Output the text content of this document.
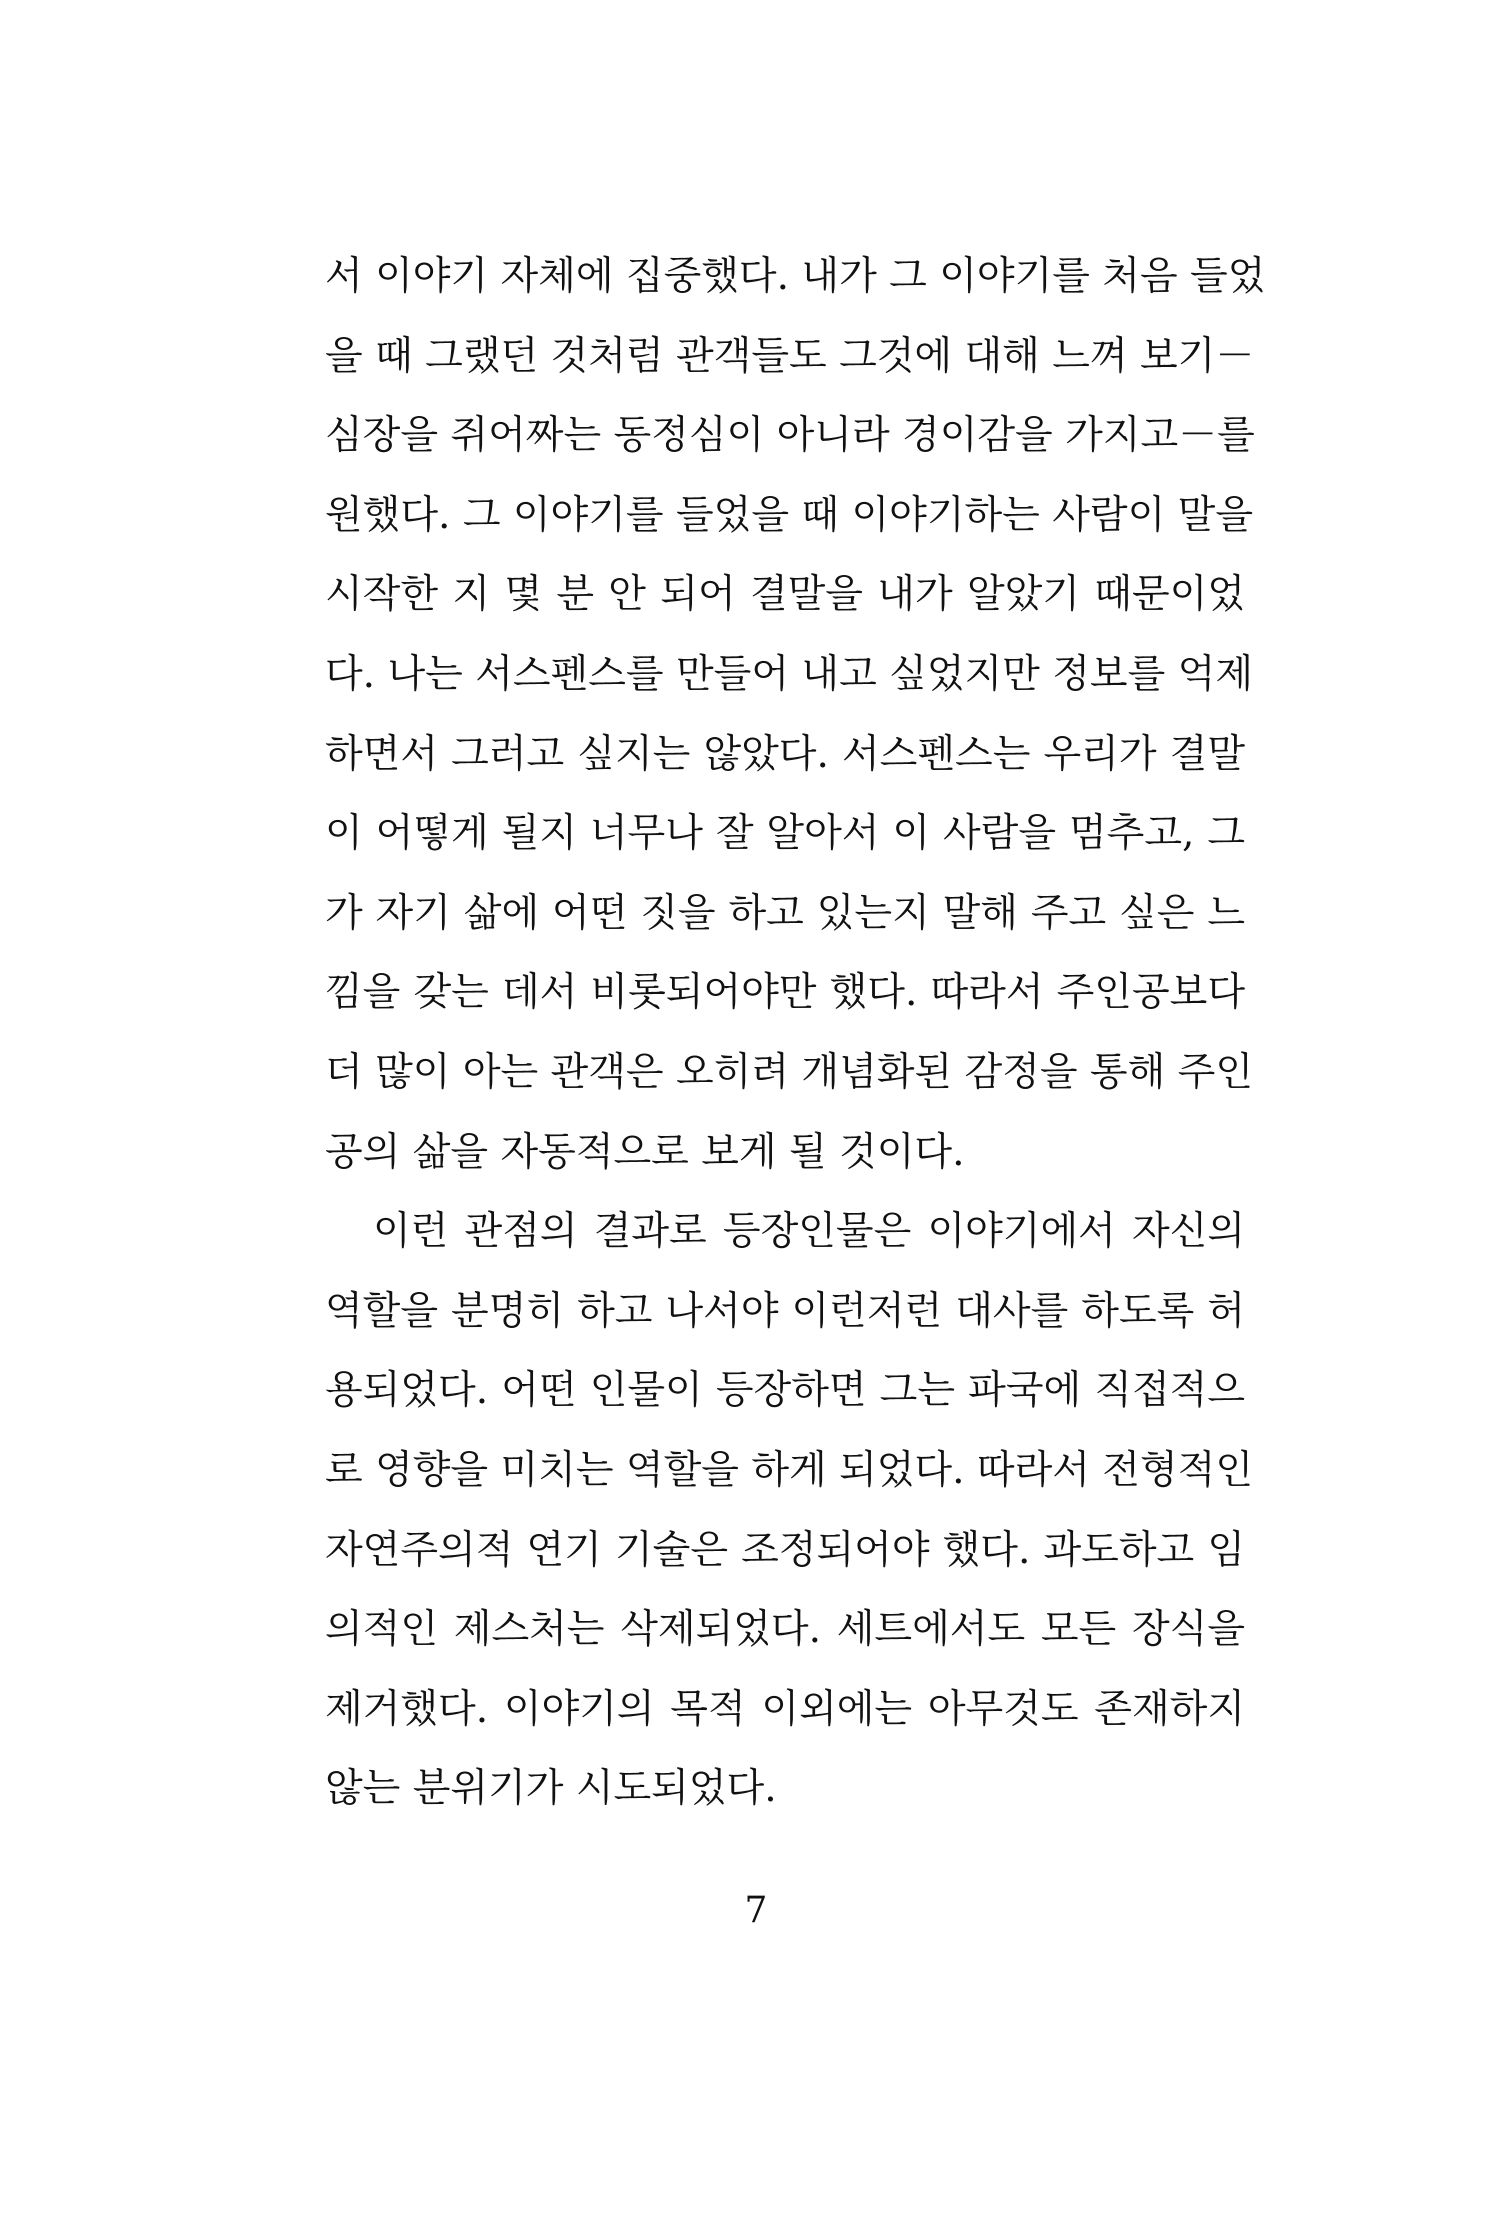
서 이야기 자체에 집중했다. 내가 그 이야기를 처음 들었
을 때 그랬던 것처럼 관객들도 그것에 대해 느껴 보기－
심장을 쥐어짜는 동정심이 아니라 경이감을 가지고－를
원했다. 그 이야기를 들었을 때 이야기하는 사람이 말을
시작한 지 몇 분 안 되어 결말을 내가 알았기 때문이었
다. 나는 서스펜스를 만들어 내고 싶었지만 정보를 억제
하면서 그러고 싶지는 않았다. 서스펜스는 우리가 결말
이 어떻게 될지 너무나 잘 알아서 이 사람을 멈추고, 그
가 자기 삶에 어떤 짓을 하고 있는지 말해 주고 싶은 느
낌을 갖는 데서 비롯되어야만 했다. 따라서 주인공보다
더 많이 아는 관객은 오히려 개념화된 감정을 통해 주인
공의 삶을 자동적으로 보게 될 것이다.
이런 관점의 결과로 등장인물은 이야기에서 자신의
역할을 분명히 하고 나서야 이런저런 대사를 하도록 허
용되었다. 어떤 인물이 등장하면 그는 파국에 직접적으
로 영향을 미치는 역할을 하게 되었다. 따라서 전형적인
자연주의적 연기 기술은 조정되어야 했다. 과도하고 임
의적인 제스처는 삭제되었다. 세트에서도 모든 장식을
제거했다. 이야기의 목적 이외에는 아무것도 존재하지
않는 분위기가 시도되었다.
7
